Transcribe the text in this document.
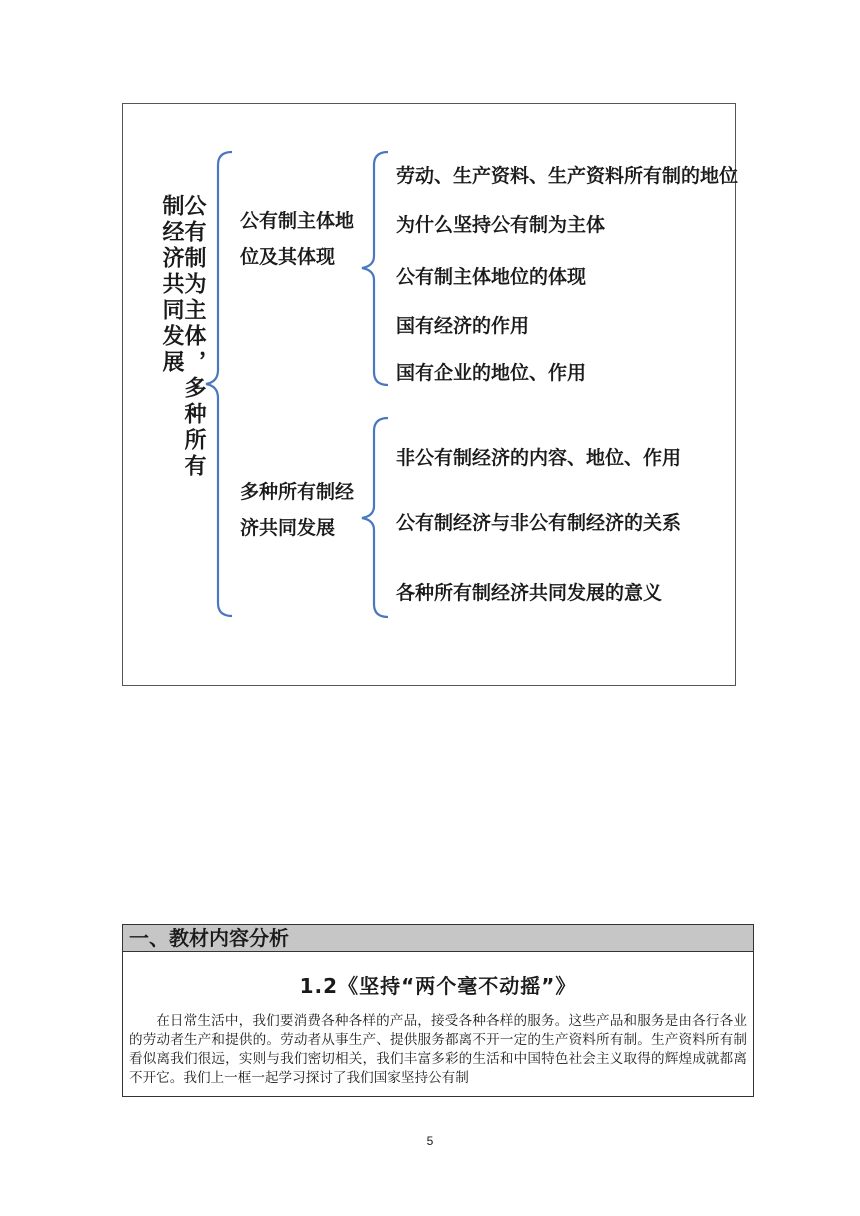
制经济共同发展
公有制为主体，多种所有 公有制主体地
位及其体现
劳动、生产资料、生产资料所有制的地位
为什么坚持公有制为主体
公有制主体地位的体现
国有经济的作用
国有企业的地位、作用
多种所有制经
济共同发展
非公有制经济的内容、地位、作用
公有制经济与非公有制经济的关系
各种所有制经济共同发展的意义
一、教材内容分析
1.2《坚持“两个毫不动摇”》
在日常生活中，我们要消费各种各样的产品，接受各种各样的服务。这些产品和服务是由各行各业的劳动者生产和提供的。劳动者从事生产、提供服务都离不开一定的生产资料所有制。生产资料所有制看似离我们很远，实则与我们密切相关，我们丰富多彩的生活和中国特色社会主义取得的辉煌成就都离不开它。我们上一框一起学习探讨了我们国家坚持公有制
5
